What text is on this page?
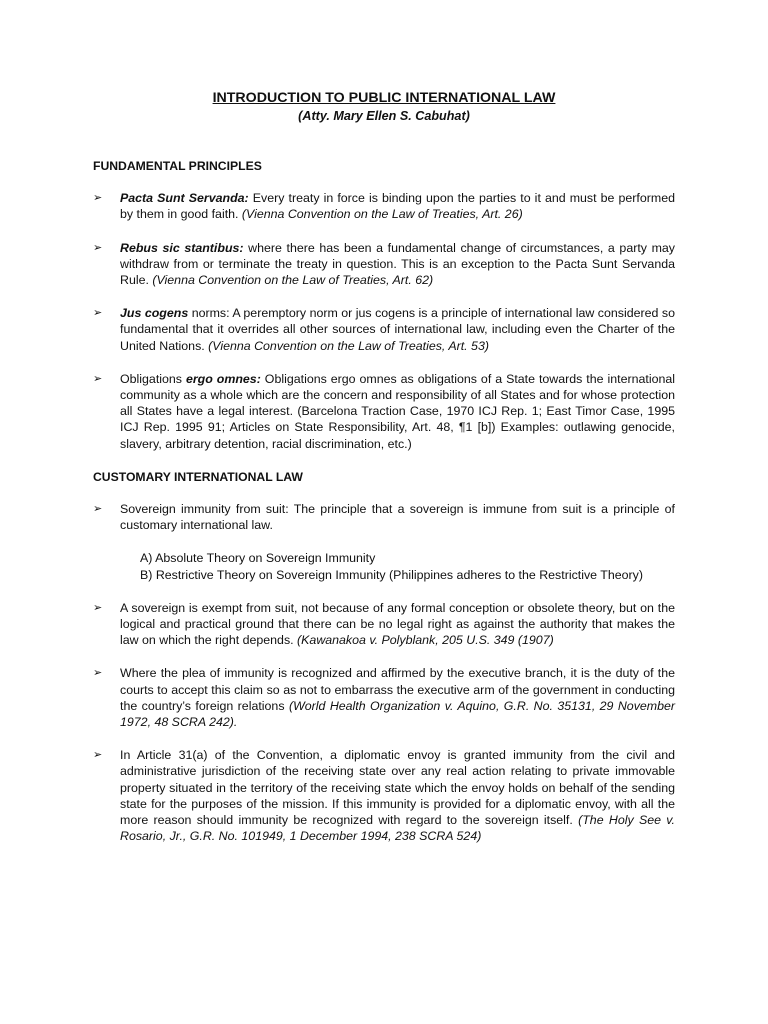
INTRODUCTION TO PUBLIC INTERNATIONAL LAW
(Atty. Mary Ellen S. Cabuhat)
FUNDAMENTAL PRINCIPLES
➢ Pacta Sunt Servanda: Every treaty in force is binding upon the parties to it and must be performed by them in good faith. (Vienna Convention on the Law of Treaties, Art. 26)
➢ Rebus sic stantibus: where there has been a fundamental change of circumstances, a party may withdraw from or terminate the treaty in question. This is an exception to the Pacta Sunt Servanda Rule. (Vienna Convention on the Law of Treaties, Art. 62)
➢ Jus cogens norms: A peremptory norm or jus cogens is a principle of international law considered so fundamental that it overrides all other sources of international law, including even the Charter of the United Nations. (Vienna Convention on the Law of Treaties, Art. 53)
➢ Obligations ergo omnes: Obligations ergo omnes as obligations of a State towards the international community as a whole which are the concern and responsibility of all States and for whose protection all States have a legal interest. (Barcelona Traction Case, 1970 ICJ Rep. 1; East Timor Case, 1995 ICJ Rep. 1995 91; Articles on State Responsibility, Art. 48, ¶1 [b]) Examples: outlawing genocide, slavery, arbitrary detention, racial discrimination, etc.)
CUSTOMARY INTERNATIONAL LAW
➢ Sovereign immunity from suit: The principle that a sovereign is immune from suit is a principle of customary international law.
A) Absolute Theory on Sovereign Immunity
B) Restrictive Theory on Sovereign Immunity (Philippines adheres to the Restrictive Theory)
➢ A sovereign is exempt from suit, not because of any formal conception or obsolete theory, but on the logical and practical ground that there can be no legal right as against the authority that makes the law on which the right depends. (Kawanakoa v. Polyblank, 205 U.S. 349 (1907)
➢ Where the plea of immunity is recognized and affirmed by the executive branch, it is the duty of the courts to accept this claim so as not to embarrass the executive arm of the government in conducting the country’s foreign relations (World Health Organization v. Aquino, G.R. No. 35131, 29 November 1972, 48 SCRA 242).
➢ In Article 31(a) of the Convention, a diplomatic envoy is granted immunity from the civil and administrative jurisdiction of the receiving state over any real action relating to private immovable property situated in the territory of the receiving state which the envoy holds on behalf of the sending state for the purposes of the mission. If this immunity is provided for a diplomatic envoy, with all the more reason should immunity be recognized with regard to the sovereign itself. (The Holy See v. Rosario, Jr., G.R. No. 101949, 1 December 1994, 238 SCRA 524)
